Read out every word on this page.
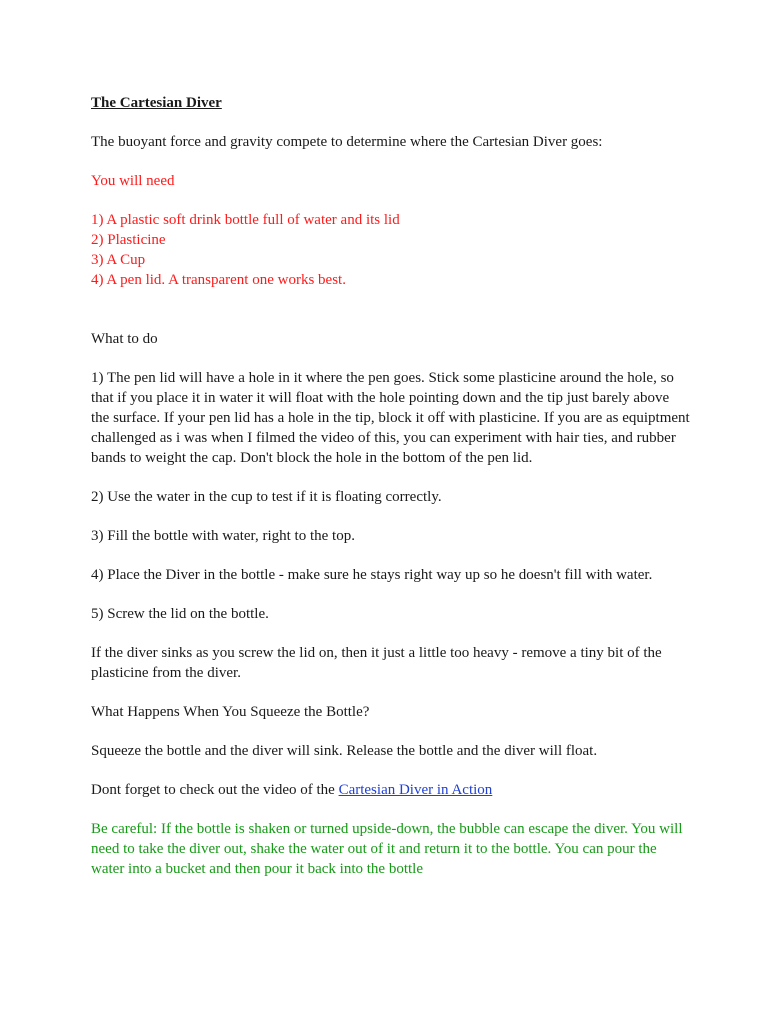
The Cartesian Diver

The buoyant force and gravity compete to determine where the Cartesian Diver goes:

You will need

1) A plastic soft drink bottle full of water and its lid
2) Plasticine
3) A Cup
4) A pen lid. A transparent one works best.

What to do

1) The pen lid will have a hole in it where the pen goes. Stick some plasticine around the hole, so that if you place it in water it will float with the hole pointing down and the tip just barely above the surface. If your pen lid has a hole in the tip, block it off with plasticine. If you are as equiptment challenged as i was when I filmed the video of this, you can experiment with hair ties, and rubber bands to weight the cap. Don't block the hole in the bottom of the pen lid.

2) Use the water in the cup to test if it is floating correctly.

3) Fill the bottle with water, right to the top.

4) Place the Diver in the bottle - make sure he stays right way up so he doesn't fill with water.

5) Screw the lid on the bottle.

If the diver sinks as you screw the lid on, then it just a little too heavy - remove a tiny bit of the plasticine from the diver.

What Happens When You Squeeze the Bottle?

Squeeze the bottle and the diver will sink. Release the bottle and the diver will float.

Dont forget to check out the video of the Cartesian Diver in Action

Be careful: If the bottle is shaken or turned upside-down, the bubble can escape the diver. You will need to take the diver out, shake the water out of it and return it to the bottle. You can pour the water into a bucket and then pour it back into the bottle
